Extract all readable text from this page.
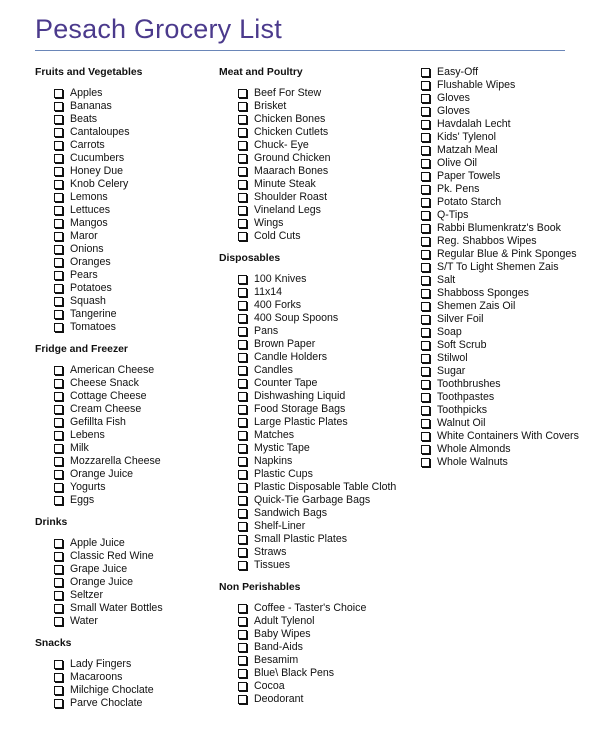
Pesach Grocery List
Fruits and Vegetables
Apples
Bananas
Beats
Cantaloupes
Carrots
Cucumbers
Honey Due
Knob Celery
Lemons
Lettuces
Mangos
Maror
Onions
Oranges
Pears
Potatoes
Squash
Tangerine
Tomatoes
Fridge and Freezer
American Cheese
Cheese Snack
Cottage Cheese
Cream Cheese
Gefillta Fish
Lebens
Milk
Mozzarella Cheese
Orange Juice
Yogurts
Eggs
Drinks
Apple Juice
Classic Red Wine
Grape Juice
Orange Juice
Seltzer
Small Water Bottles
Water
Snacks
Lady Fingers
Macaroons
Milchige Choclate
Parve Choclate
Meat and Poultry
Beef For Stew
Brisket
Chicken Bones
Chicken Cutlets
Chuck- Eye
Ground Chicken
Maarach Bones
Minute Steak
Shoulder Roast
Vineland Legs
Wings
Cold Cuts
Disposables
100 Knives
11x14
400 Forks
400 Soup Spoons
Pans
Brown Paper
Candle Holders
Candles
Counter Tape
Dishwashing Liquid
Food Storage Bags
Large Plastic Plates
Matches
Mystic Tape
Napkins
Plastic Cups
Plastic Disposable Table Cloth
Quick-Tie Garbage Bags
Sandwich Bags
Shelf-Liner
Small Plastic Plates
Straws
Tissues
Non Perishables
Coffee - Taster's Choice
Adult Tylenol
Baby Wipes
Band-Aids
Besamim
Blue\ Black Pens
Cocoa
Deodorant
Easy-Off
Flushable Wipes
Gloves
Gloves
Havdalah Lecht
Kids' Tylenol
Matzah Meal
Olive Oil
Paper Towels
Pk. Pens
Potato Starch
Q-Tips
Rabbi Blumenkratz's Book
Reg. Shabbos Wipes
Regular Blue & Pink Sponges
S/T To Light Shemen Zais
Salt
Shabboss Sponges
Shemen Zais Oil
Silver Foil
Soap
Soft Scrub
Stilwol
Sugar
Toothbrushes
Toothpastes
Toothpicks
Walnut Oil
White Containers With Covers
Whole Almonds
Whole Walnuts
